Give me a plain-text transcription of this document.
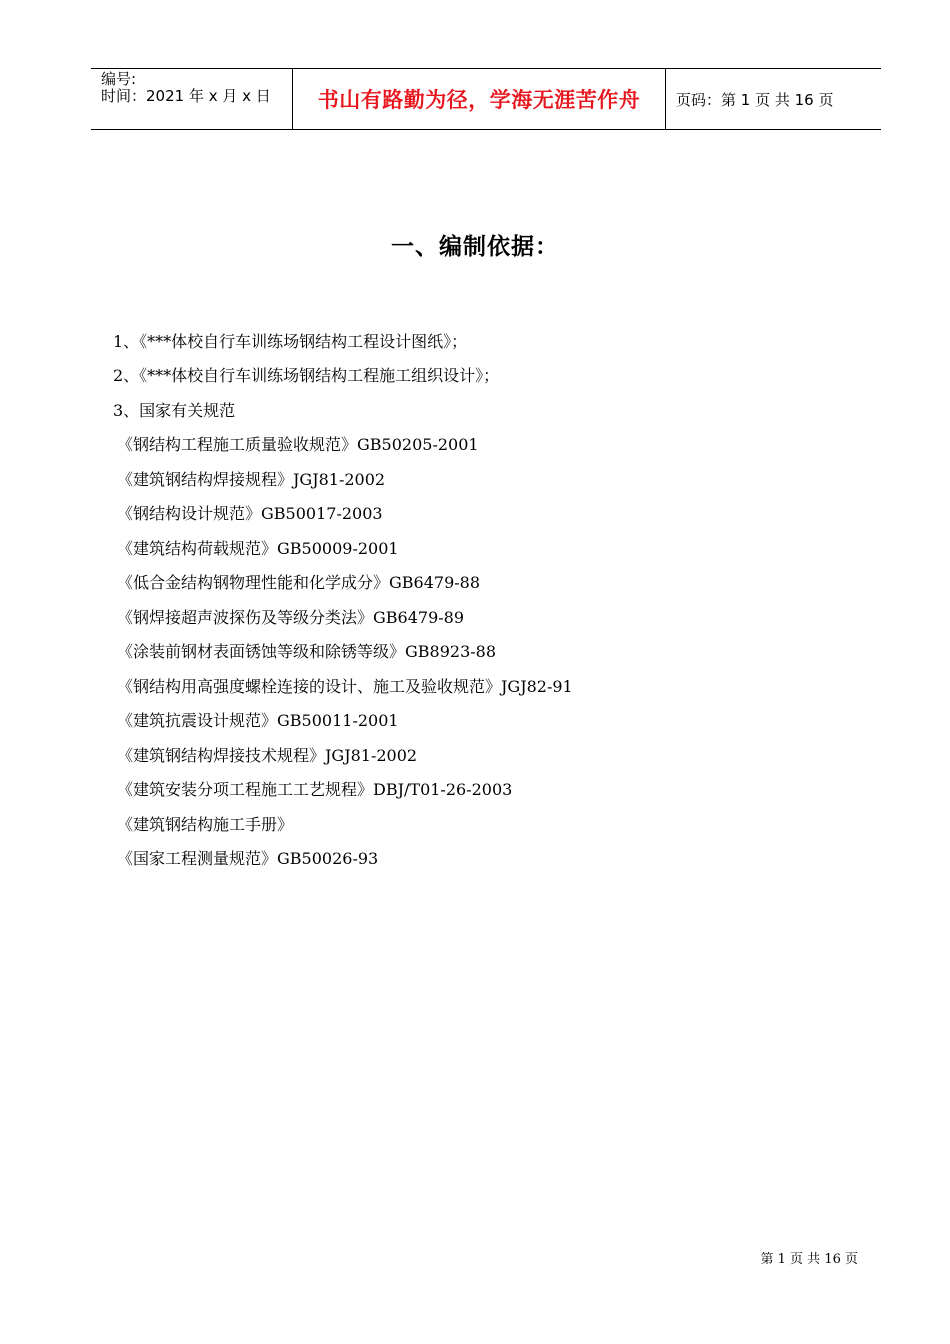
编号:
时间：2021 年 x 月 x 日	书山有路勤为径，学海无涯苦作舟	页码：第 1 页 共 16 页
一、编制依据：
1、《***体校自行车训练场钢结构工程设计图纸》；
2、《***体校自行车训练场钢结构工程施工组织设计》；
3、国家有关规范
《钢结构工程施工质量验收规范》GB50205-2001
《建筑钢结构焊接规程》JGJ81-2002
《钢结构设计规范》GB50017-2003
《建筑结构荷载规范》GB50009-2001
《低合金结构钢物理性能和化学成分》GB6479-88
《钢焊接超声波探伤及等级分类法》GB6479-89
《涂装前钢材表面锈蚀等级和除锈等级》GB8923-88
《钢结构用高强度螺栓连接的设计、施工及验收规范》JGJ82-91
《建筑抗震设计规范》GB50011-2001
《建筑钢结构焊接技术规程》JGJ81-2002
《建筑安装分项工程施工工艺规程》DBJ/T01-26-2003
《建筑钢结构施工手册》
《国家工程测量规范》GB50026-93
第 1 页 共 16 页
